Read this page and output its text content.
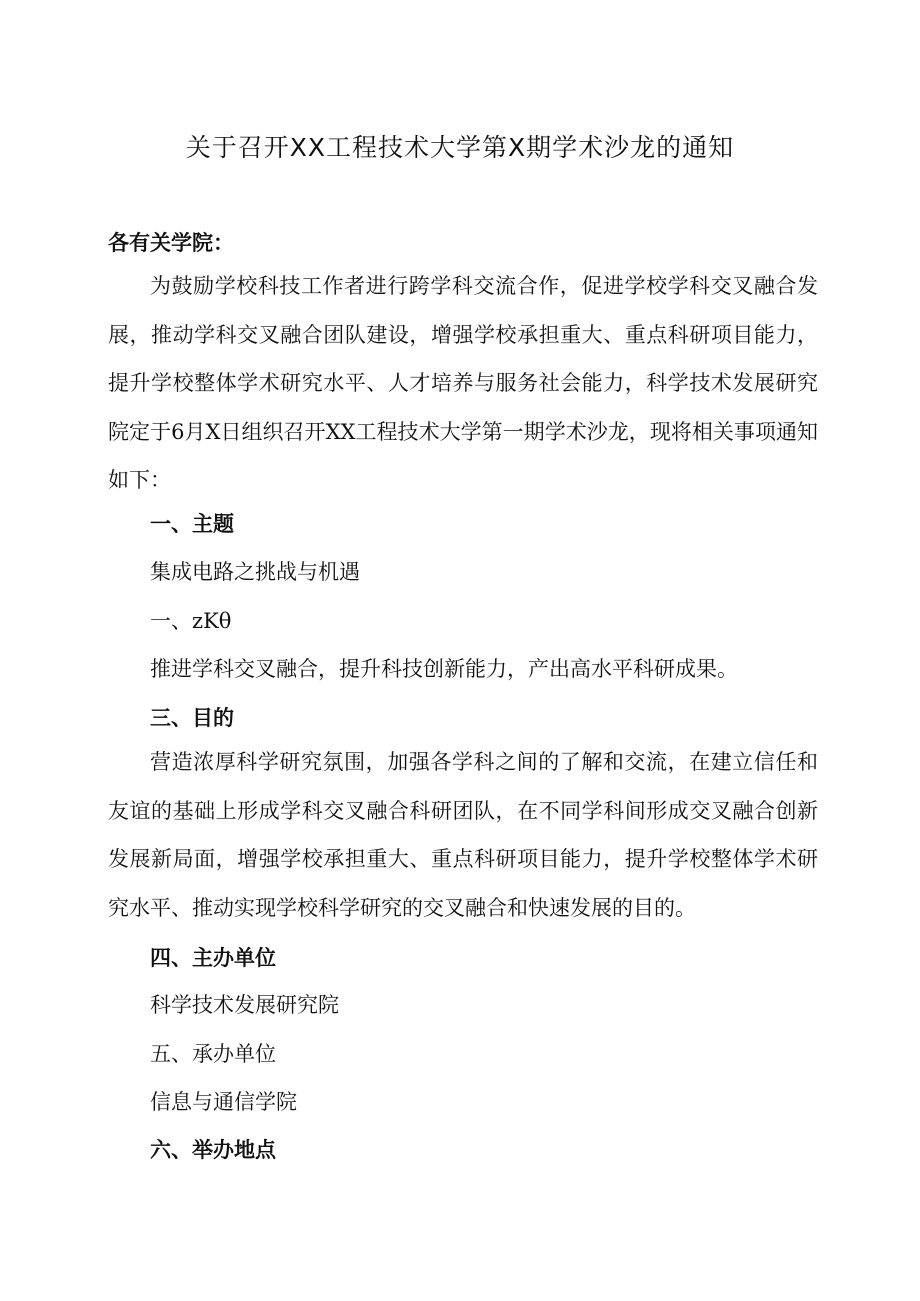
关于召开XX工程技术大学第X期学术沙龙的通知

各有关学院：

为鼓励学校科技工作者进行跨学科交流合作，促进学校学科交叉融合发展，推动学科交叉融合团队建设，增强学校承担重大、重点科研项目能力，提升学校整体学术研究水平、人才培养与服务社会能力，科学技术发展研究院定于6月X日组织召开XX工程技术大学第一期学术沙龙，现将相关事项通知如下：

一、主题

集成电路之挑战与机遇

一、zKθ

推进学科交叉融合，提升科技创新能力，产出高水平科研成果。

三、目的

营造浓厚科学研究氛围，加强各学科之间的了解和交流，在建立信任和友谊的基础上形成学科交叉融合科研团队，在不同学科间形成交叉融合创新发展新局面，增强学校承担重大、重点科研项目能力，提升学校整体学术研究水平、推动实现学校科学研究的交叉融合和快速发展的目的。

四、主办单位

科学技术发展研究院

五、承办单位

信息与通信学院

六、举办地点
